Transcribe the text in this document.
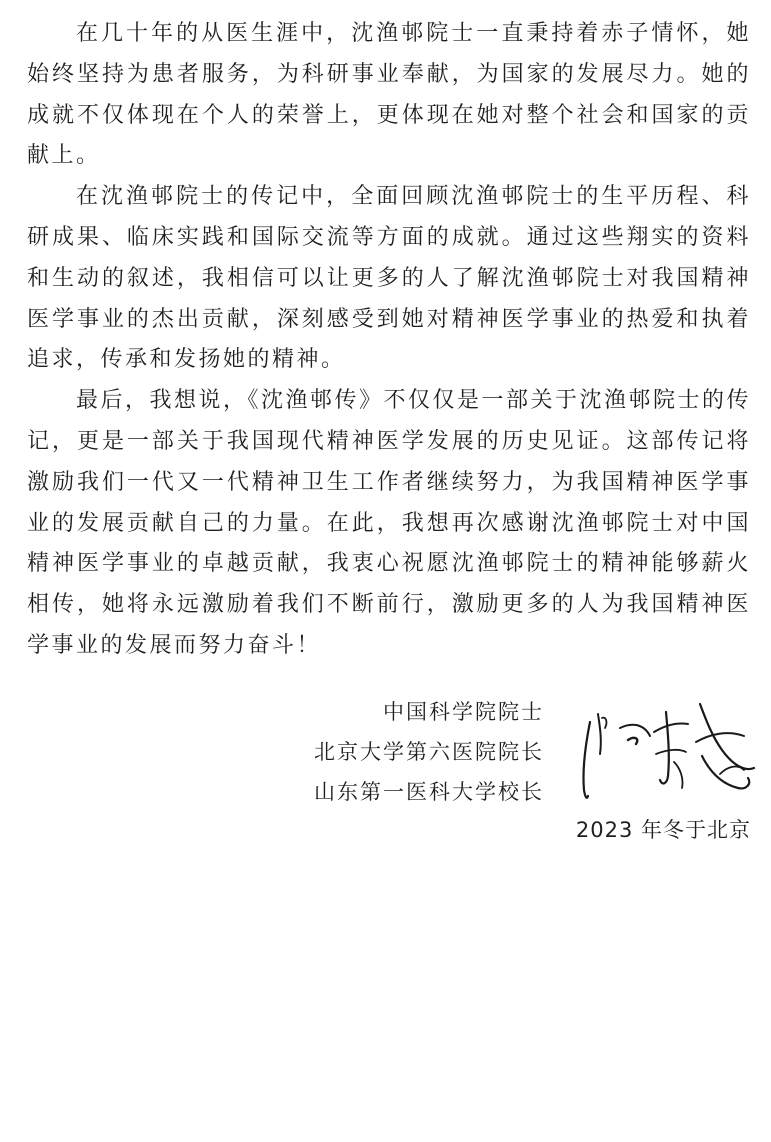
在几十年的从医生涯中，沈渔邨院士一直秉持着赤子情怀，她始终坚持为患者服务，为科研事业奉献，为国家的发展尽力。她的成就不仅体现在个人的荣誉上，更体现在她对整个社会和国家的贡献上。

在沈渔邨院士的传记中，全面回顾沈渔邨院士的生平历程、科研成果、临床实践和国际交流等方面的成就。通过这些翔实的资料和生动的叙述，我相信可以让更多的人了解沈渔邨院士对我国精神医学事业的杰出贡献，深刻感受到她对精神医学事业的热爱和执着追求，传承和发扬她的精神。

最后，我想说，《沈渔邨传》不仅仅是一部关于沈渔邨院士的传记，更是一部关于我国现代精神医学发展的历史见证。这部传记将激励我们一代又一代精神卫生工作者继续努力，为我国精神医学事业的发展贡献自己的力量。在此，我想再次感谢沈渔邨院士对中国精神医学事业的卓越贡献，我衷心祝愿沈渔邨院士的精神能够薪火相传，她将永远激励着我们不断前行，激励更多的人为我国精神医学事业的发展而努力奋斗！

中国科学院院士
北京大学第六医院院长
山东第一医科大学校长
2023 年冬于北京
